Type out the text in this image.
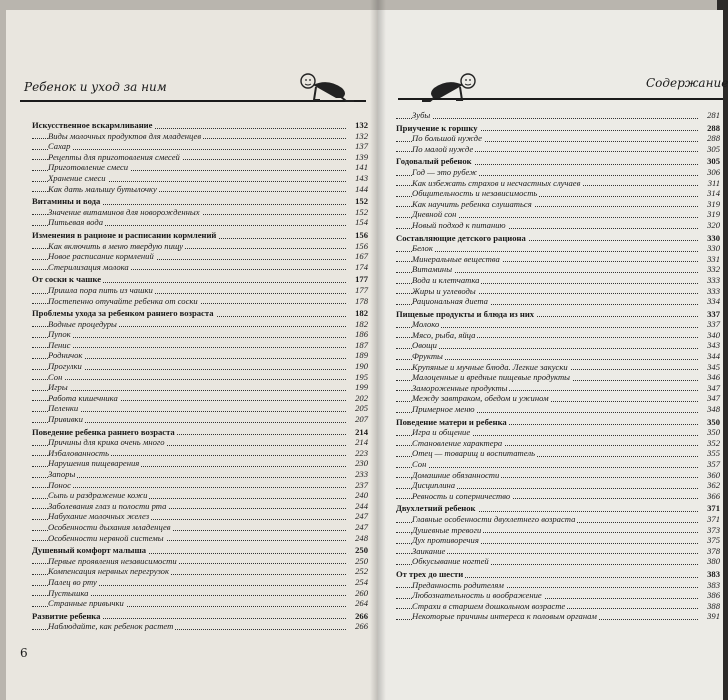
Ребенок и уход за ним
Искусственное вскармливание	132
Виды молочных продуктов для младенцев	132
Сахар	137
Рецепты для приготовления смесей	139
Приготовление смеси	141
Хранение смеси	143
Как дать малышу бутылочку	144
Витамины и вода	152
Значение витаминов для новорожденных	152
Питьевая вода	154
Изменения в рационе и расписании кормлений	156
Как включить в меню твердую пищу	156
Новое расписание кормлений	167
Стерилизация молока	174
От соски к чашке	177
Пришла пора пить из чашки	177
Постепенно отучайте ребенка от соски	178
Проблемы ухода за ребенком раннего возраста	182
Водные процедуры	182
Пупок	186
Пенис	187
Родничок	189
Прогулки	190
Сон	195
Игры	199
Работа кишечника	202
Пеленки	205
Прививки	207
Поведение ребенка раннего возраста	214
Причины для крика очень много	214
Избалованность	223
Нарушения пищеварения	230
Запоры	233
Понос	237
Сыпь и раздражение кожи	240
Заболевания глаз и полости рта	244
Набухание молочных желез	247
Особенности дыхания младенцев	247
Особенности нервной системы	248
Душевный комфорт малыша	250
Первые проявления независимости	250
Компенсация нервных перегрузок	252
Палец во рту	254
Пустышка	260
Странные привычки	264
Развитие ребенка	266
Наблюдайте, как ребенок растет	266
6
Содержание
Зубы	281
Приучение к горшку	288
По большой нужде	288
По малой нужде	305
Годовалый ребенок	305
Год — это рубеж	306
Как избежать страхов и несчастных случаев	311
Общительность и независимость	314
Как научить ребенка слушаться	319
Дневной сон	319
Новый подход к питанию	320
Составляющие детского рациона	330
Белок	330
Минеральные вещества	331
Витамины	332
Вода и клетчатка	333
Жиры и углеводы	333
Рациональная диета	334
Пищевые продукты и блюда из них	337
Молоко	337
Мясо, рыба, яйца	340
Овощи	343
Фрукты	344
Крупяные и мучные блюда. Легкие закуски	345
Малоценные и вредные пищевые продукты	346
Замороженные продукты	347
Между завтраком, обедом и ужином	347
Примерное меню	348
Поведение матери и ребенка	350
Игра и общение	350
Становление характера	352
Отец — товарищ и воспитатель	355
Сон	357
Домашние обязанности	360
Дисциплина	362
Ревность и соперничество	366
Двухлетний ребенок	371
Главные особенности двухлетнего возраста	371
Душевные тревоги	373
Дух противоречия	375
Заикание	378
Обкусывание ногтей	380
От трех до шести	383
Преданность родителям	383
Любознательность и воображение	386
Страхи в старшем дошкольном возрасте	388
Некоторые причины интереса к половым органам	391
